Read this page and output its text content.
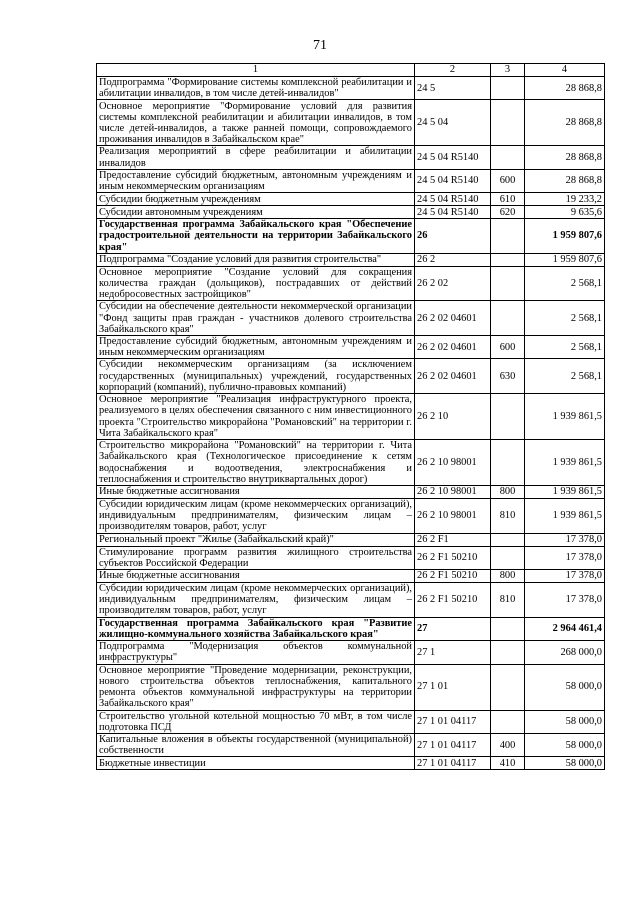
71
1	2	3	4
Подпрограмма "Формирование системы комплексной реабилитации и абилитации инвалидов, в том числе детей-инвалидов"	24 5		28 868,8
Основное мероприятие "Формирование условий для развития системы комплексной реабилитации и абилитации инвалидов, в том числе детей-инвалидов, а также ранней помощи, сопровождаемого проживания инвалидов в Забайкальском крае"	24 5 04		28 868,8
Реализация мероприятий в сфере реабилитации и абилитации инвалидов	24 5 04 R5140		28 868,8
Предоставление субсидий бюджетным, автономным учреждениям и иным некоммерческим организациям	24 5 04 R5140	600	28 868,8
Субсидии бюджетным учреждениям	24 5 04 R5140	610	19 233,2
Субсидии автономным учреждениям	24 5 04 R5140	620	9 635,6
Государственная программа Забайкальского края "Обеспечение градостроительной деятельности на территории Забайкальского края"	26		1 959 807,6
Подпрограмма "Создание условий для развития строительства"	26 2		1 959 807,6
Основное мероприятие "Создание условий для сокращения количества граждан (дольщиков), пострадавших от действий недобросовестных застройщиков"	26 2 02		2 568,1
Субсидии на обеспечение деятельности некоммерческой организации "Фонд защиты прав граждан - участников долевого строительства Забайкальского края"	26 2 02 04601		2 568,1
Предоставление субсидий бюджетным, автономным учреждениям и иным некоммерческим организациям	26 2 02 04601	600	2 568,1
Субсидии некоммерческим организациям (за исключением государственных (муниципальных) учреждений, государственных корпораций (компаний), публично-правовых компаний)	26 2 02 04601	630	2 568,1
Основное мероприятие "Реализация инфраструктурного проекта, реализуемого в целях обеспечения связанного с ним инвестиционного проекта "Строительство микрорайона "Романовский" на территории г. Чита Забайкальского края"	26 2 10		1 939 861,5
Строительство микрорайона "Романовский" на территории г. Чита Забайкальского края (Технологическое присоединение к сетям водоснабжения и водоотведения, электроснабжения и теплоснабжения и строительство внутриквартальных дорог)	26 2 10 98001		1 939 861,5
Иные бюджетные ассигнования	26 2 10 98001	800	1 939 861,5
Субсидии юридическим лицам (кроме некоммерческих организаций), индивидуальным предпринимателям, физическим лицам – производителям товаров, работ, услуг	26 2 10 98001	810	1 939 861,5
Региональный проект "Жилье (Забайкальский край)"	26 2 F1		17 378,0
Стимулирование программ развития жилищного строительства субъектов Российской Федерации	26 2 F1 50210		17 378,0
Иные бюджетные ассигнования	26 2 F1 50210	800	17 378,0
Субсидии юридическим лицам (кроме некоммерческих организаций), индивидуальным предпринимателям, физическим лицам – производителям товаров, работ, услуг	26 2 F1 50210	810	17 378,0
Государственная программа Забайкальского края "Развитие жилищно-коммунального хозяйства Забайкальского края"	27		2 964 461,4
Подпрограмма "Модернизация объектов коммунальной инфраструктуры"	27 1		268 000,0
Основное мероприятие "Проведение модернизации, реконструкции, нового строительства объектов теплоснабжения, капитального ремонта объектов коммунальной инфраструктуры на территории Забайкальского края"	27 1 01		58 000,0
Строительство угольной котельной мощностью 70 мВт, в том числе подготовка ПСД	27 1 01 04117		58 000,0
Капитальные вложения в объекты государственной (муниципальной) собственности	27 1 01 04117	400	58 000,0
Бюджетные инвестиции	27 1 01 04117	410	58 000,0
